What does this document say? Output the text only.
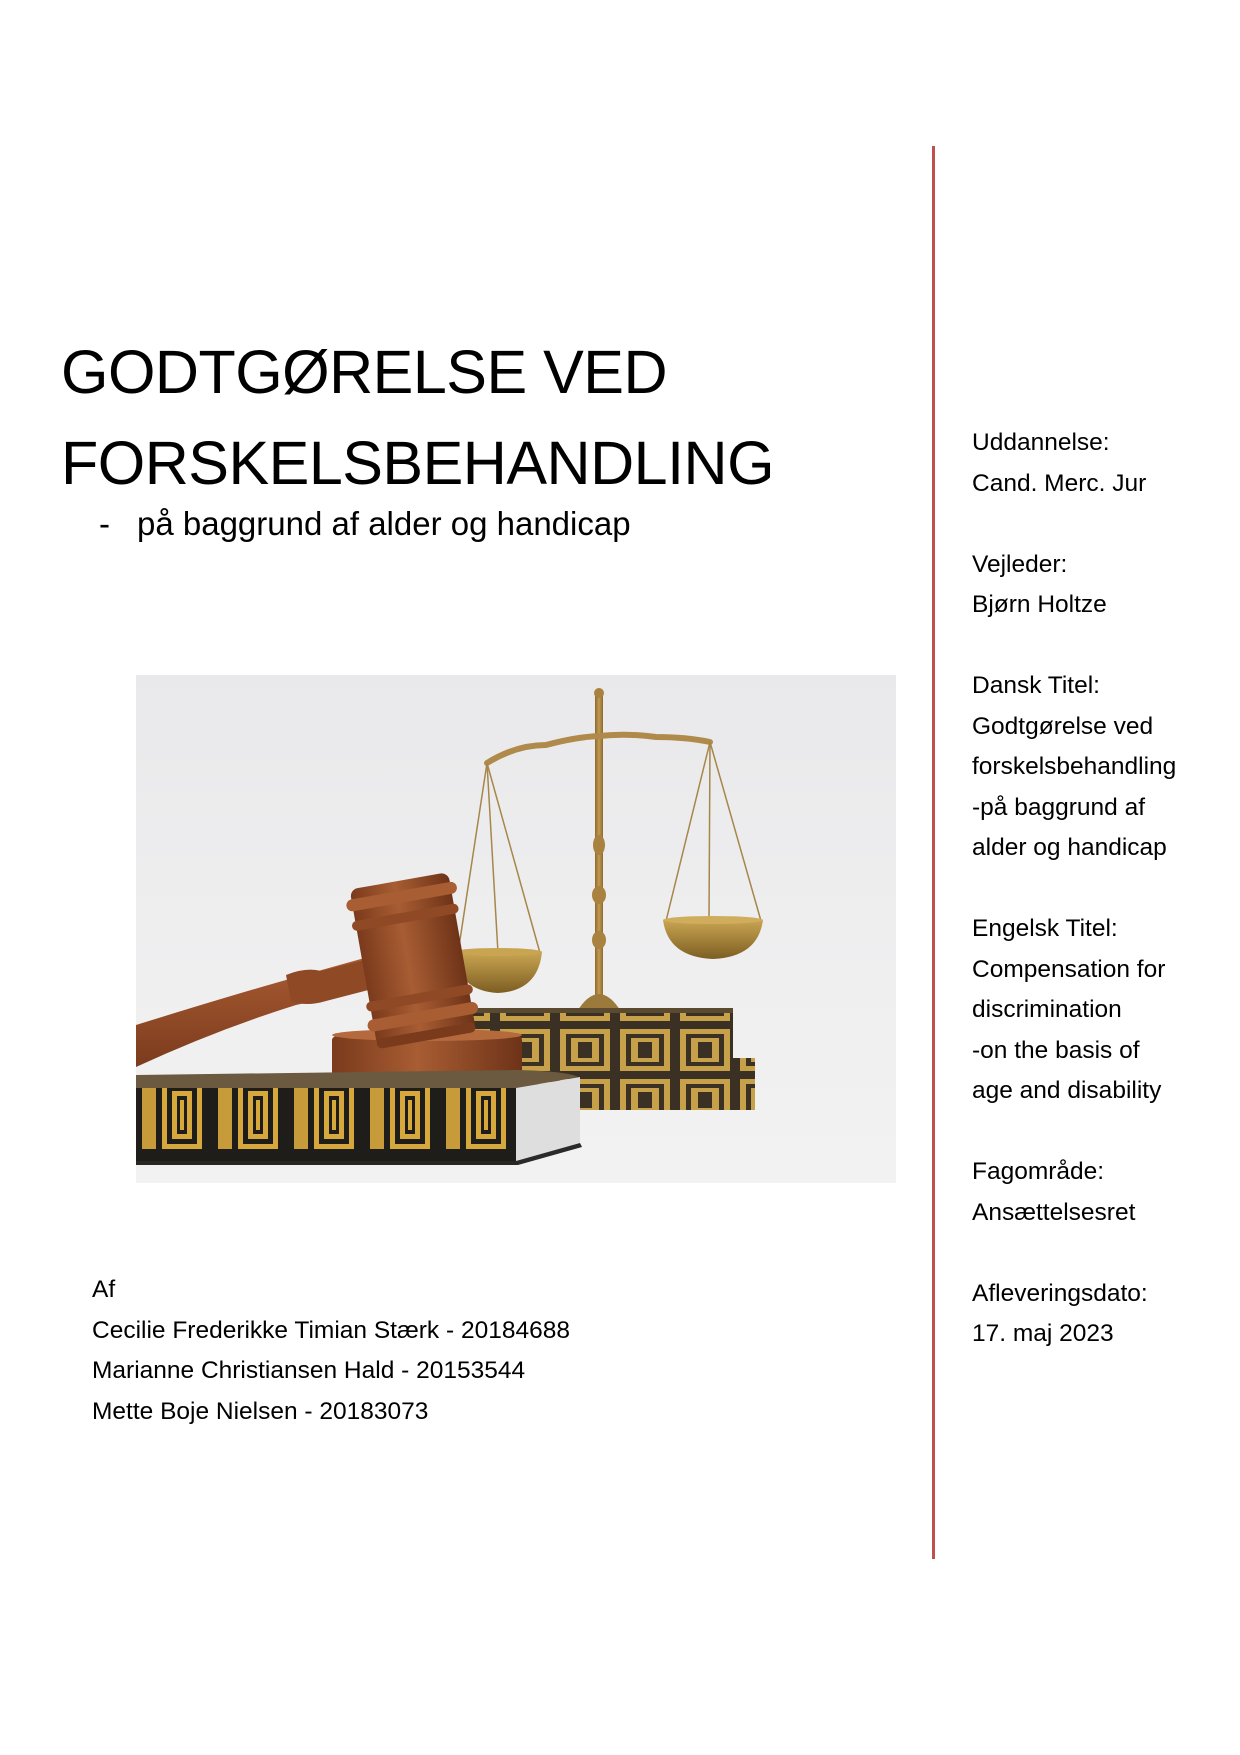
GODTGØRELSE VED
FORSKELSBEHANDLING
- på baggrund af alder og handicap
Af
Cecilie Frederikke Timian Stærk - 20184688
Marianne Christiansen Hald - 20153544
Mette Boje Nielsen - 20183073
Uddannelse:
Cand. Merc. Jur
Vejleder:
Bjørn Holtze
Dansk Titel:
Godtgørelse ved
forskelsbehandling
-på baggrund af
alder og handicap
Engelsk Titel:
Compensation for
discrimination
-on the basis of
age and disability
Fagområde:
Ansættelsesret
Afleveringsdato:
17. maj 2023
